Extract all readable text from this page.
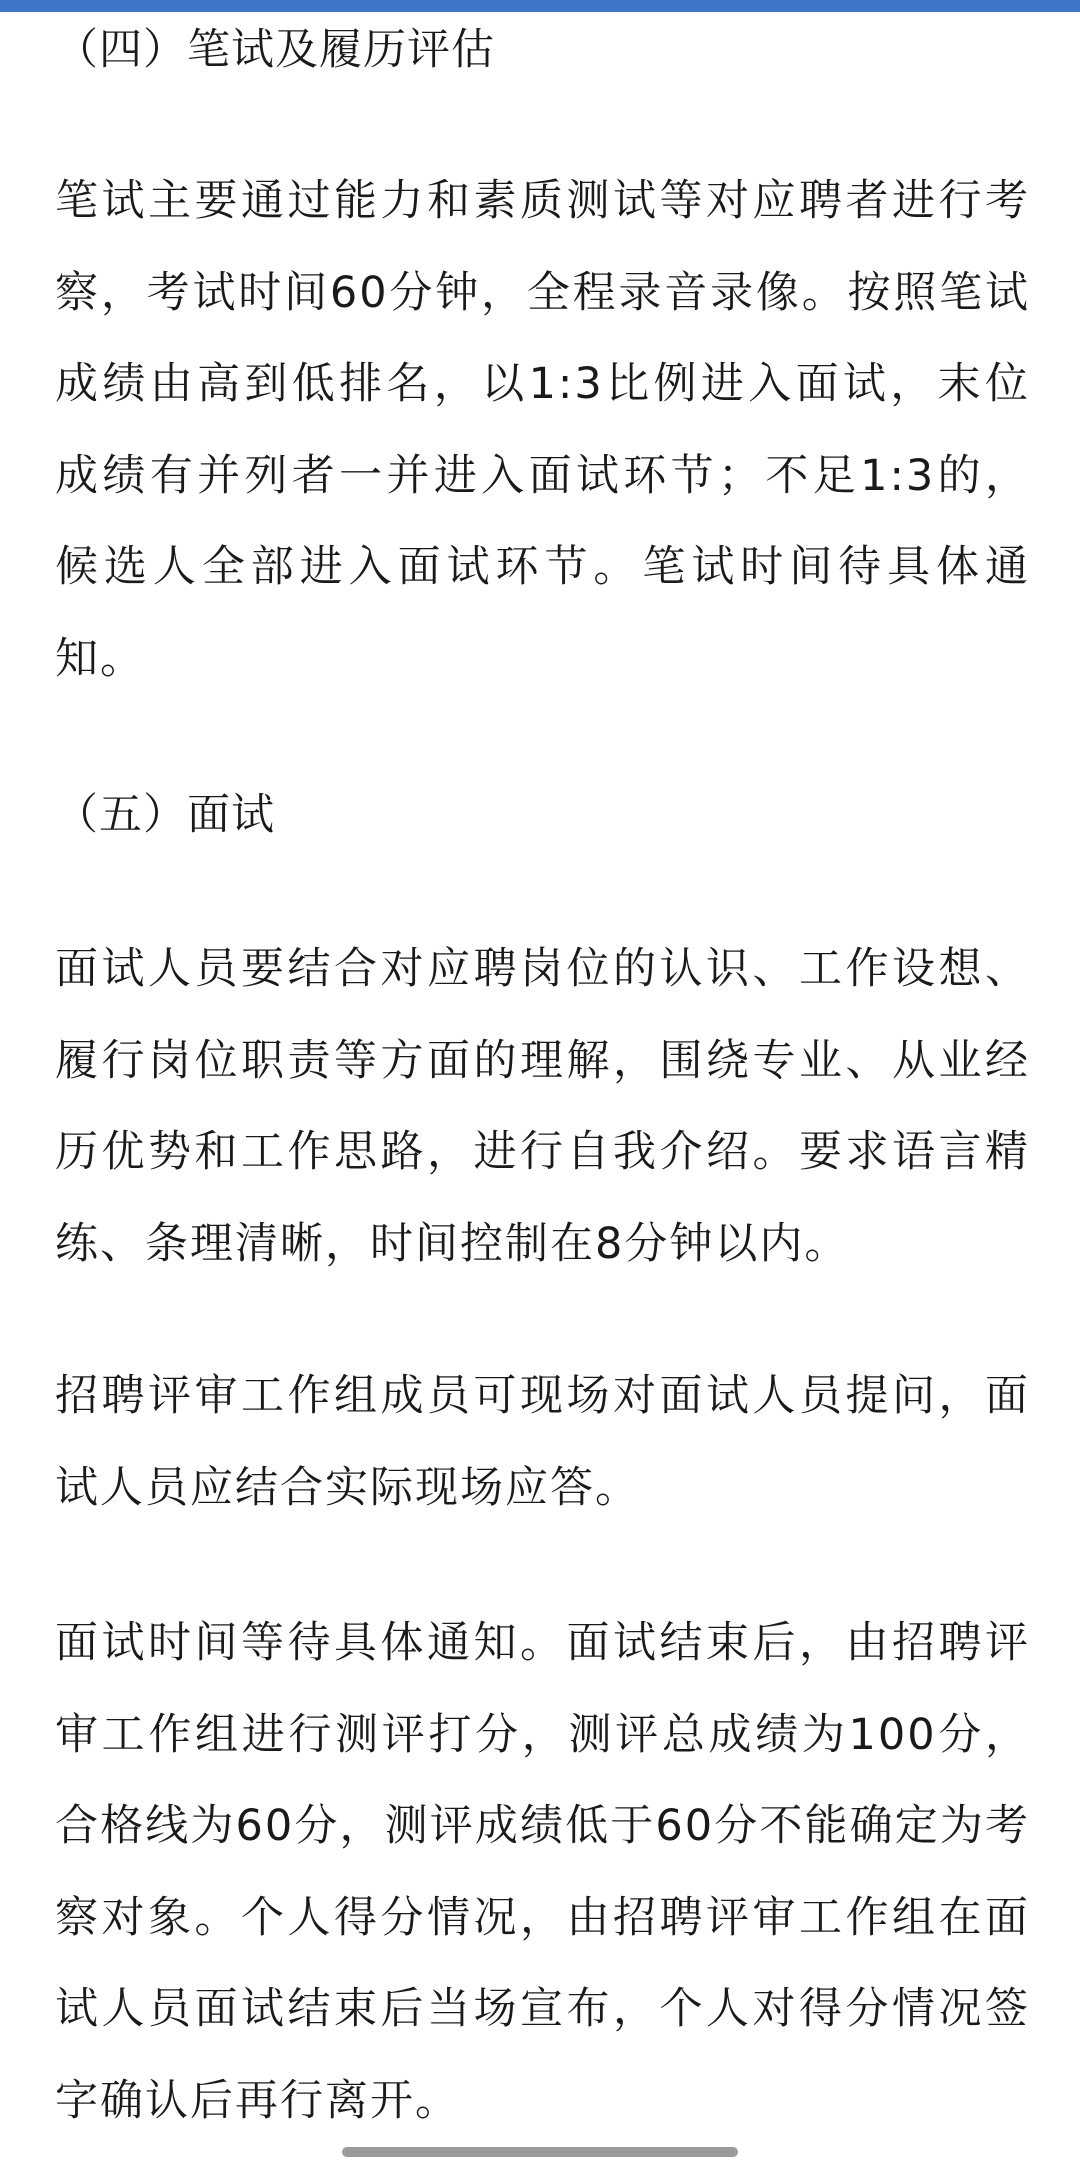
（四）笔试及履历评估

笔试主要通过能力和素质测试等对应聘者进行考察，考试时间60分钟，全程录音录像。按照笔试成绩由高到低排名，以1:3比例进入面试，末位成绩有并列者一并进入面试环节；不足1:3的，候选人全部进入面试环节。笔试时间待具体通知。

（五）面试

面试人员要结合对应聘岗位的认识、工作设想、履行岗位职责等方面的理解，围绕专业、从业经历优势和工作思路，进行自我介绍。要求语言精练、条理清晰，时间控制在8分钟以内。

招聘评审工作组成员可现场对面试人员提问，面试人员应结合实际现场应答。

面试时间等待具体通知。面试结束后，由招聘评审工作组进行测评打分，测评总成绩为100分，合格线为60分，测评成绩低于60分不能确定为考察对象。个人得分情况，由招聘评审工作组在面试人员面试结束后当场宣布，个人对得分情况签字确认后再行离开。
